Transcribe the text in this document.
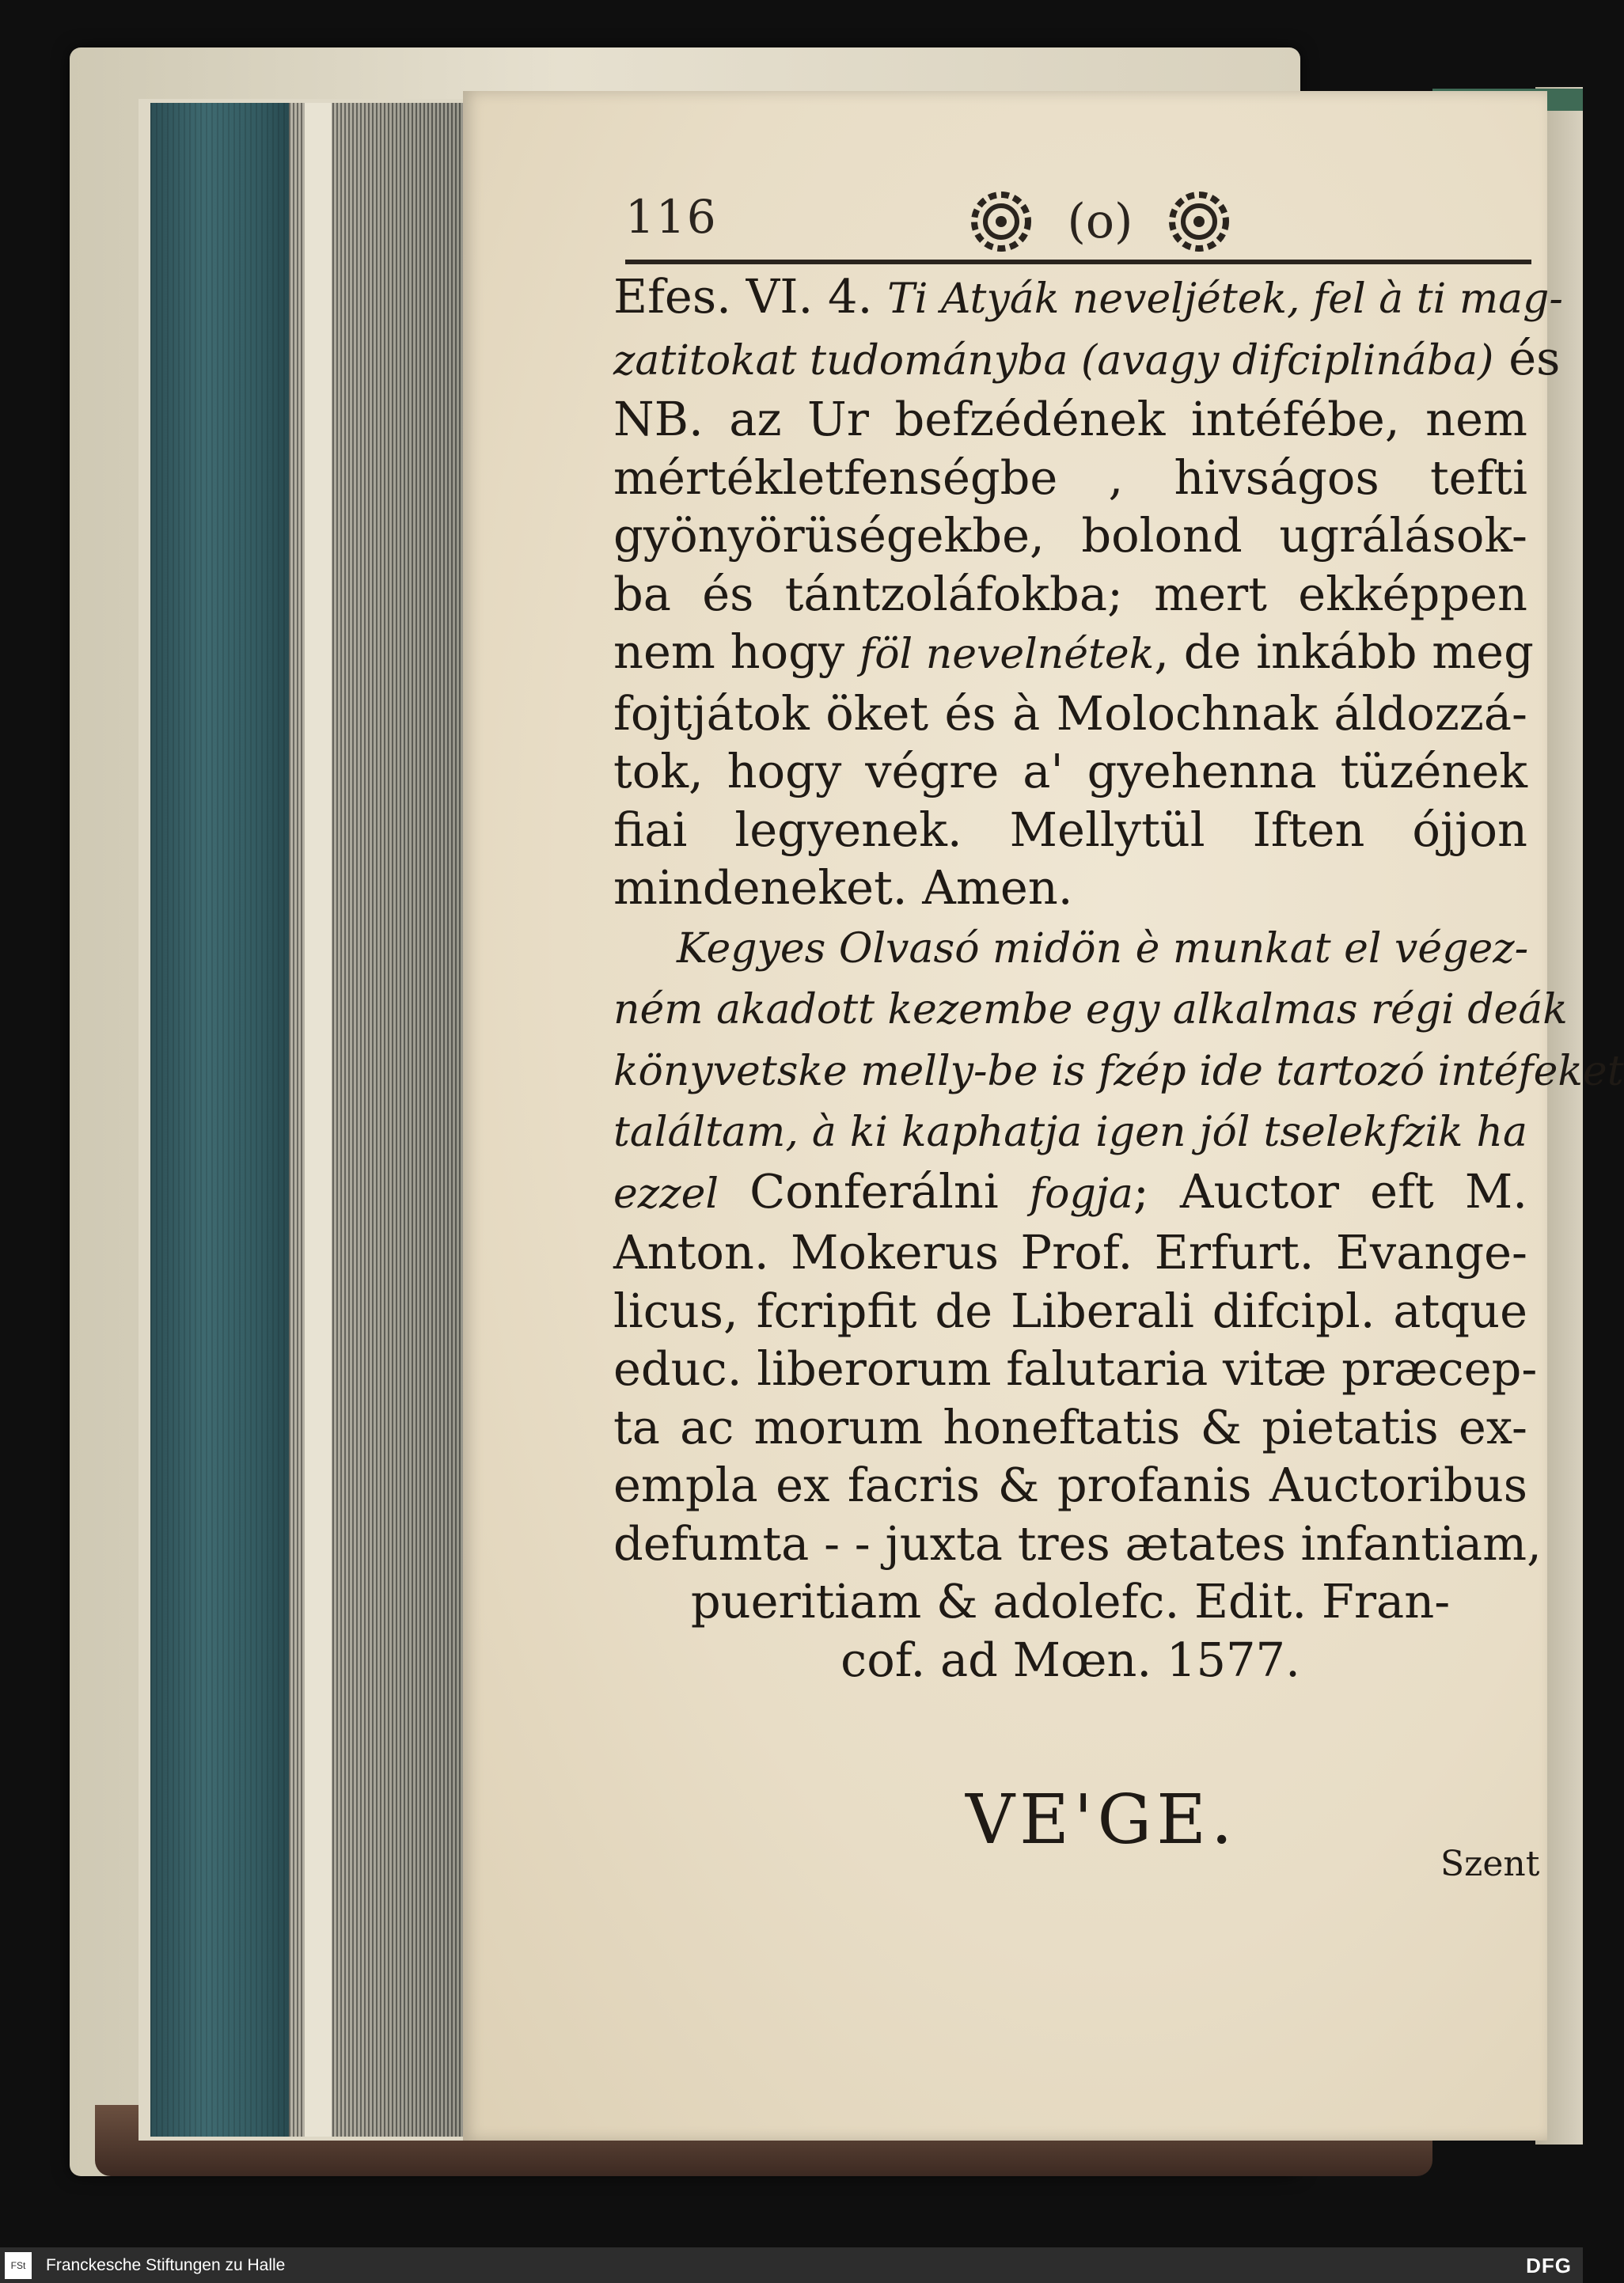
116	(o)
Efes. VI. 4. Ti Atyák neveljétek, fel à ti mag-
zatitokat tudományba (avagy difciplinába) és
NB. az Ur befzédének intéfébe, nem
mértékletfenségbe , hivságos tefti
gyönyörüségekbe, bolond ugrálások-
ba és tántzoláfokba; mert ekképpen
nem hogy föl nevelnétek, de inkább meg
fojtjátok öket és à Molochnak áldozzá-
tok, hogy végre a' gyehenna tüzének
fiai legyenek. Mellytül Iften ójjon
mindeneket. Amen.
Kegyes Olvasó midön è munkat el végez-
ném akadott kezembe egy alkalmas régi deák
könyvetske melly-be is fzép ide tartozó intéfeket
találtam, à ki kaphatja igen jól tselekfzik ha
ezzel Conferálni fogja; Auctor eft M.
Anton. Mokerus Prof. Erfurt. Evange-
licus, fcripfit de Liberali difcipl. atque
educ. liberorum falutaria vitæ præcep-
ta ac morum honeftatis & pietatis ex-
empla ex facris & profanis Auctoribus
defumta - - juxta tres ætates infantiam,
pueritiam & adolefc. Edit. Fran-
cof. ad Mœn. 1577.
VE'GE.
Szent
FSt	Franckesche Stiftungen zu Halle	DFG
